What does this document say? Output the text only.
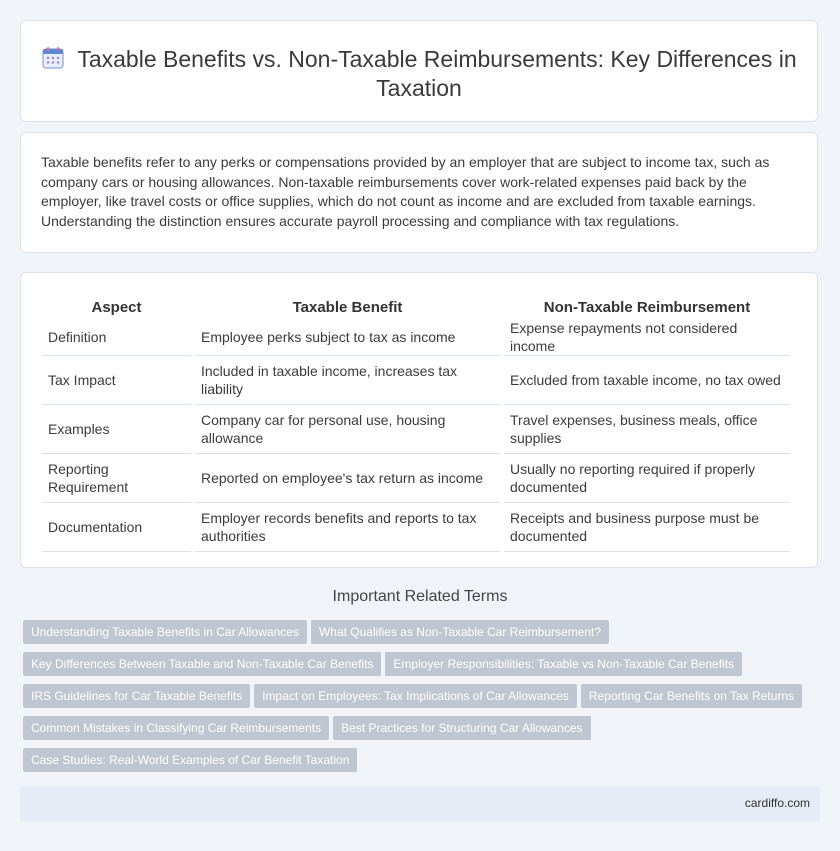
Taxable Benefits vs. Non-Taxable Reimbursements: Key Differences in Taxation
Taxable benefits refer to any perks or compensations provided by an employer that are subject to income tax, such as company cars or housing allowances. Non-taxable reimbursements cover work-related expenses paid back by the employer, like travel costs or office supplies, which do not count as income and are excluded from taxable earnings. Understanding the distinction ensures accurate payroll processing and compliance with tax regulations.
Aspect	Taxable Benefit	Non-Taxable Reimbursement
Definition	Employee perks subject to tax as income	Expense repayments not considered income
Tax Impact	Included in taxable income, increases tax liability	Excluded from taxable income, no tax owed
Examples	Company car for personal use, housing allowance	Travel expenses, business meals, office supplies
Reporting Requirement	Reported on employee's tax return as income	Usually no reporting required if properly documented
Documentation	Employer records benefits and reports to tax authorities	Receipts and business purpose must be documented
Important Related Terms
Understanding Taxable Benefits in Car Allowances What Qualifies as Non-Taxable Car Reimbursement?
Key Differences Between Taxable and Non-Taxable Car Benefits Employer Responsibilities: Taxable vs Non-Taxable Car Benefits
IRS Guidelines for Car Taxable Benefits Impact on Employees: Tax Implications of Car Allowances Reporting Car Benefits on Tax Returns
Common Mistakes in Classifying Car Reimbursements Best Practices for Structuring Car Allowances
Case Studies: Real-World Examples of Car Benefit Taxation
cardiffo.com
